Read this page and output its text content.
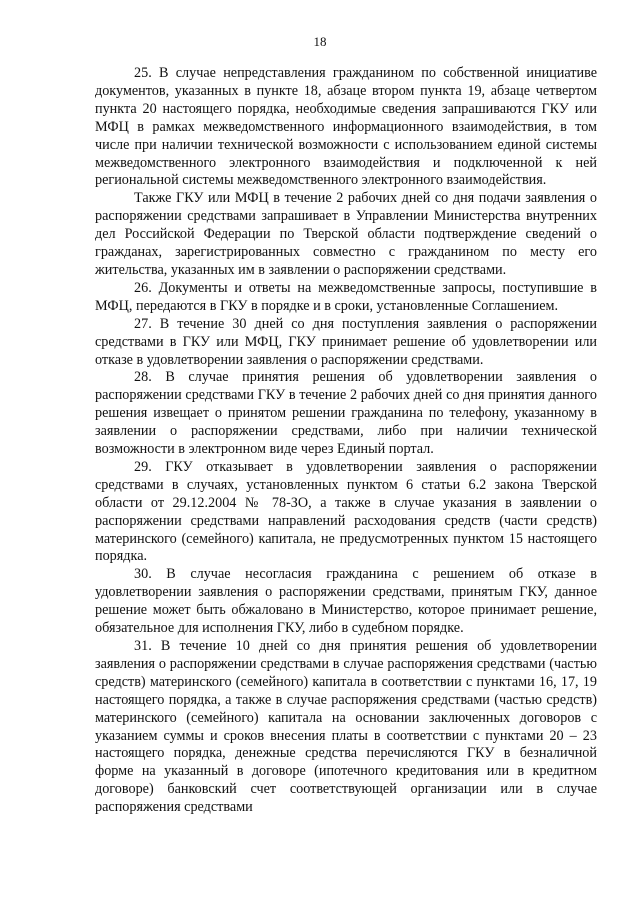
18

25. В случае непредставления гражданином по собственной инициативе документов, указанных в пункте 18, абзаце втором пункта 19, абзаце четвертом пункта 20 настоящего порядка, необходимые сведения запрашиваются ГКУ или МФЦ в рамках межведомственного информационного взаимодействия, в том числе при наличии технической возможности с использованием единой системы межведомственного электронного взаимодействия и подключенной к ней региональной системы межведомственного электронного взаимодействия.

Также ГКУ или МФЦ в течение 2 рабочих дней со дня подачи заявления о распоряжении средствами запрашивает в Управлении Министерства внутренних дел Российской Федерации по Тверской области подтверждение сведений о гражданах, зарегистрированных совместно с гражданином по месту его жительства, указанных им в заявлении о распоряжении средствами.

26. Документы и ответы на межведомственные запросы, поступившие в МФЦ, передаются в ГКУ в порядке и в сроки, установленные Соглашением.

27. В течение 30 дней со дня поступления заявления о распоряжении средствами в ГКУ или МФЦ, ГКУ принимает решение об удовлетворении или отказе в удовлетворении заявления о распоряжении средствами.

28. В случае принятия решения об удовлетворении заявления о распоряжении средствами ГКУ в течение 2 рабочих дней со дня принятия данного решения извещает о принятом решении гражданина по телефону, указанному в заявлении о распоряжении средствами, либо при наличии технической возможности в электронном виде через Единый портал.

29. ГКУ отказывает в удовлетворении заявления о распоряжении средствами в случаях, установленных пунктом 6 статьи 6.2 закона Тверской области от 29.12.2004 № 78-ЗО, а также в случае указания в заявлении о распоряжении средствами направлений расходования средств (части средств) материнского (семейного) капитала, не предусмотренных пунктом 15 настоящего порядка.

30. В случае несогласия гражданина с решением об отказе в удовлетворении заявления о распоряжении средствами, принятым ГКУ, данное решение может быть обжаловано в Министерство, которое принимает решение, обязательное для исполнения ГКУ, либо в судебном порядке.

31. В течение 10 дней со дня принятия решения об удовлетворении заявления о распоряжении средствами в случае распоряжения средствами (частью средств) материнского (семейного) капитала в соответствии с пунктами 16, 17, 19 настоящего порядка, а также в случае распоряжения средствами (частью средств) материнского (семейного) капитала на основании заключенных договоров с указанием суммы и сроков внесения платы в соответствии с пунктами 20 – 23 настоящего порядка, денежные средства перечисляются ГКУ в безналичной форме на указанный в договоре (ипотечного кредитования или в кредитном договоре) банковский счет соответствующей организации или в случае распоряжения средствами
